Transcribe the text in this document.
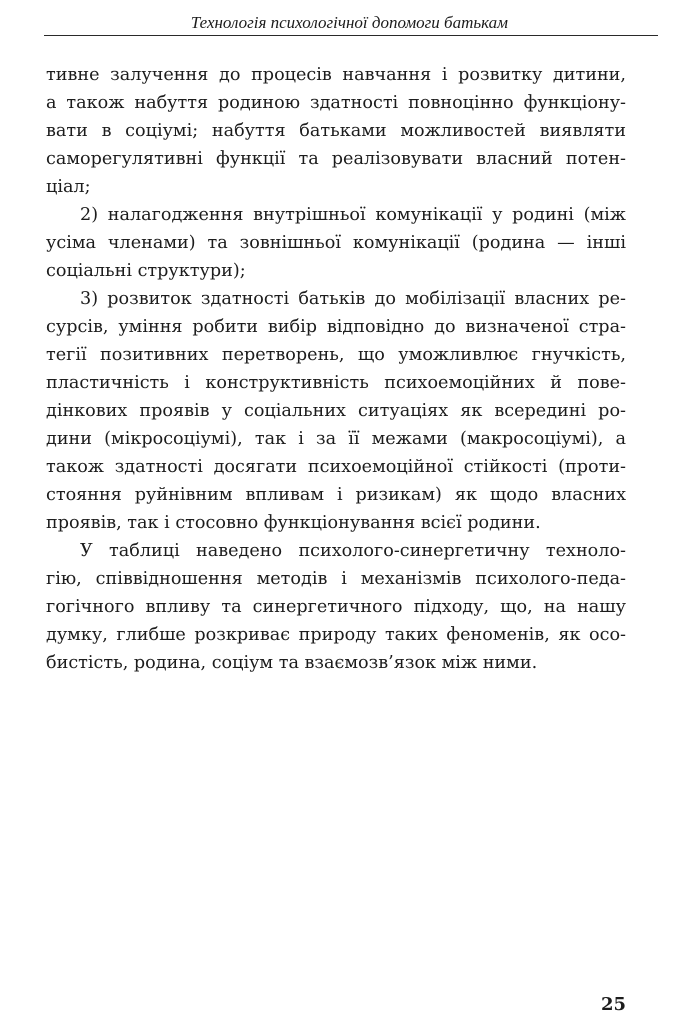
Технологія психологічної допомоги батькам
тивне залучення до процесів навчання і розвитку дитини,
а також набуття родиною здатності повноцінно функціону-
вати в соціумі; набуття батьками можливостей виявляти
саморегулятивні функції та реалізовувати власний потен-
ціал;
2) налагодження внутрішньої комунікації у родині (між
усіма членами) та зовнішньої комунікації (родина — інші
соціальні структури);
3) розвиток здатності батьків до мобілізації власних ре-
сурсів, уміння робити вибір відповідно до визначеної стра-
тегії позитивних перетворень, що уможливлює гнучкість,
пластичність і конструктивність психоемоційних й пове-
дінкових проявів у соціальних ситуаціях як всередині ро-
дини (мікросоціумі), так і за її межами (макросоціумі), а
також здатності досягати психоемоційної стійкості (проти-
стояння руйнівним впливам і ризикам) як щодо власних
проявів, так і стосовно функціонування всієї родини.
У таблиці наведено психолого-синергетичну техноло-
гію, співвідношення методів і механізмів психолого-педа-
гогічного впливу та синергетичного підходу, що, на нашу
думку, глибше розкриває природу таких феноменів, як осо-
бистість, родина, соціум та взаємозв’язок між ними.
25
